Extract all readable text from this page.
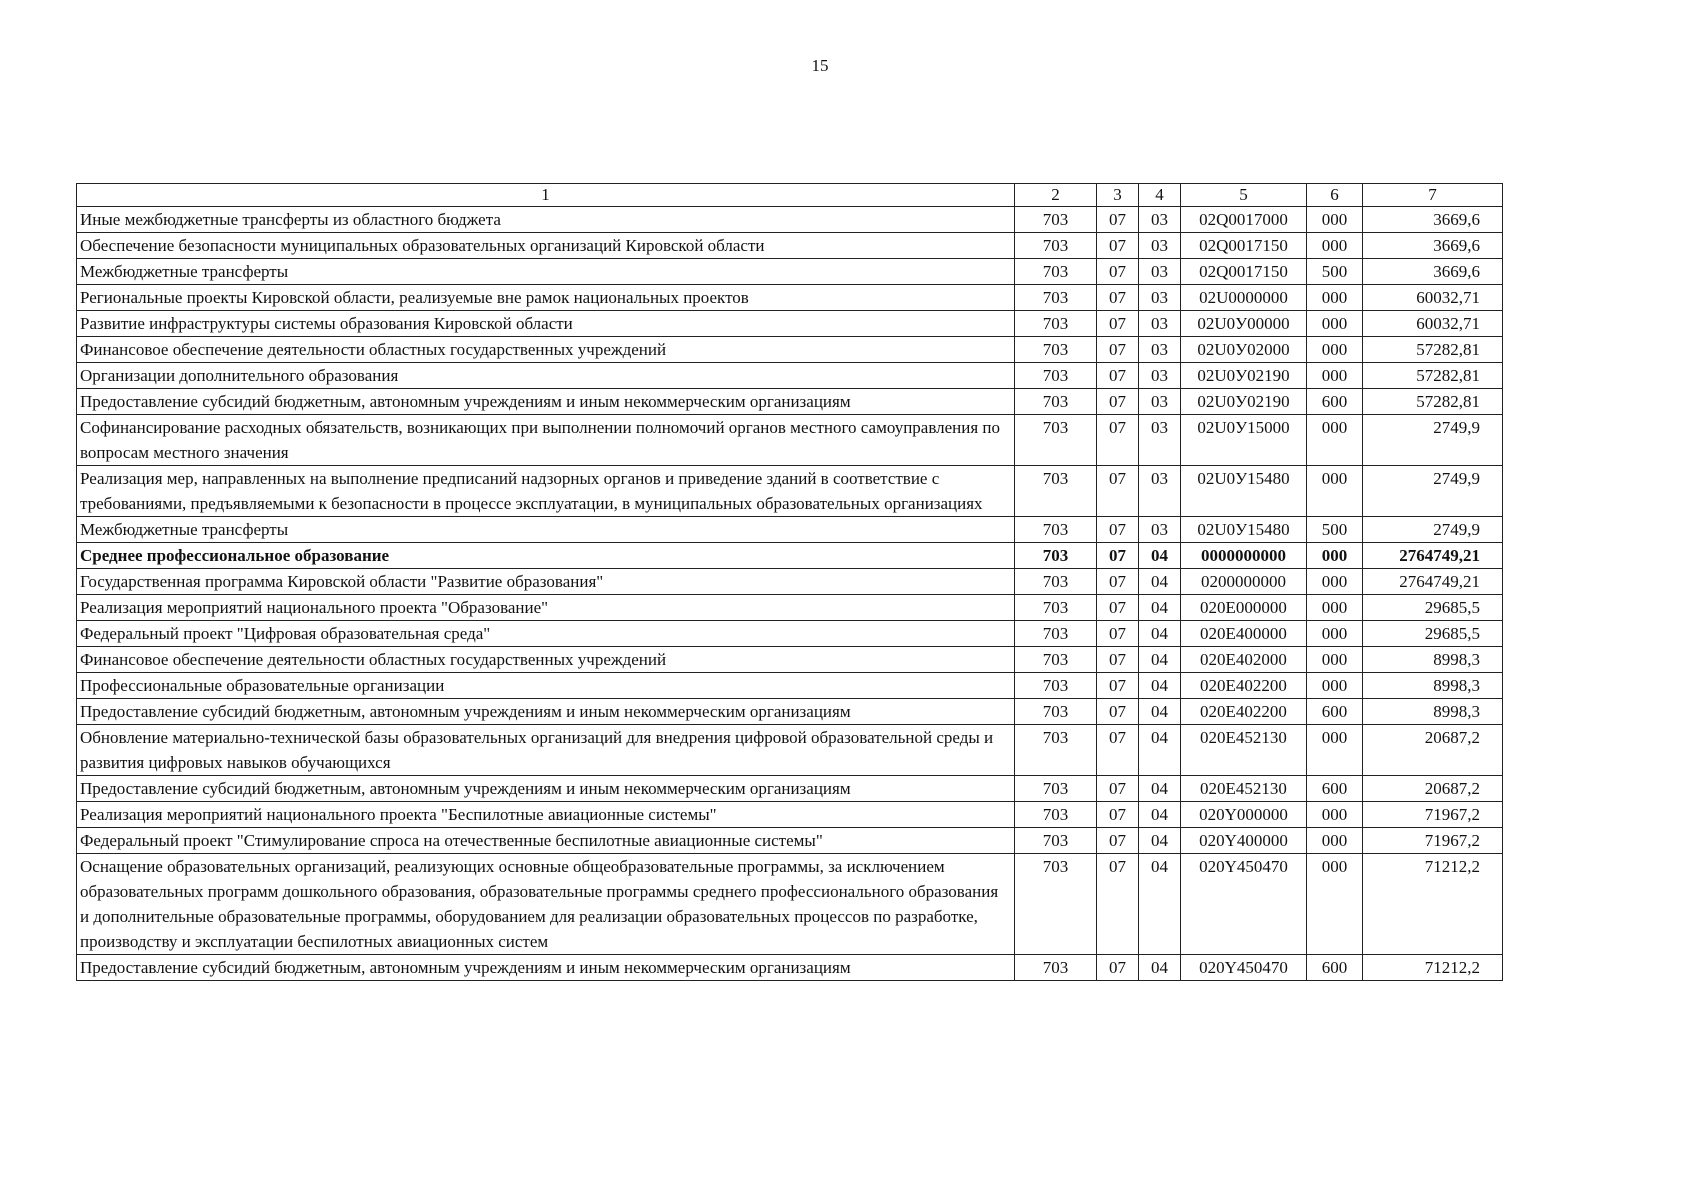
15
1	2	3	4	5	6	7
Иные межбюджетные трансферты из областного бюджета	703	07	03	02Q0017000	000	3669,6
Обеспечение безопасности муниципальных образовательных организаций Кировской области	703	07	03	02Q0017150	000	3669,6
Межбюджетные трансферты	703	07	03	02Q0017150	500	3669,6
Региональные проекты Кировской области, реализуемые вне рамок национальных проектов	703	07	03	02U0000000	000	60032,71
Развитие инфраструктуры системы образования Кировской области	703	07	03	02U0У00000	000	60032,71
Финансовое обеспечение деятельности областных государственных учреждений	703	07	03	02U0У02000	000	57282,81
Организации дополнительного образования	703	07	03	02U0У02190	000	57282,81
Предоставление субсидий бюджетным, автономным учреждениям и иным некоммерческим организациям	703	07	03	02U0У02190	600	57282,81
Софинансирование расходных обязательств, возникающих при выполнении полномочий органов местного самоуправления по вопросам местного значения	703	07	03	02U0У15000	000	2749,9
Реализация мер, направленных на выполнение предписаний надзорных органов и приведение зданий в соответствие с требованиями, предъявляемыми к безопасности в процессе эксплуатации, в муниципальных образовательных организациях	703	07	03	02U0У15480	000	2749,9
Межбюджетные трансферты	703	07	03	02U0У15480	500	2749,9
Среднее профессиональное образование	703	07	04	0000000000	000	2764749,21
Государственная программа Кировской области "Развитие образования"	703	07	04	0200000000	000	2764749,21
Реализация мероприятий национального проекта "Образование"	703	07	04	020E000000	000	29685,5
Федеральный проект "Цифровая образовательная среда"	703	07	04	020E400000	000	29685,5
Финансовое обеспечение деятельности областных государственных учреждений	703	07	04	020E402000	000	8998,3
Профессиональные образовательные организации	703	07	04	020E402200	000	8998,3
Предоставление субсидий бюджетным, автономным учреждениям и иным некоммерческим организациям	703	07	04	020E402200	600	8998,3
Обновление материально-технической базы образовательных организаций для внедрения цифровой образовательной среды и развития цифровых навыков обучающихся	703	07	04	020E452130	000	20687,2
Предоставление субсидий бюджетным, автономным учреждениям и иным некоммерческим организациям	703	07	04	020E452130	600	20687,2
Реализация мероприятий национального проекта "Беспилотные авиационные системы"	703	07	04	020Y000000	000	71967,2
Федеральный проект "Стимулирование спроса на отечественные беспилотные авиационные системы"	703	07	04	020Y400000	000	71967,2
Оснащение образовательных организаций, реализующих основные общеобразовательные программы, за исключением образовательных программ дошкольного образования, образовательные программы среднего профессионального образования и дополнительные образовательные программы, оборудованием для реализации образовательных процессов по разработке, производству и эксплуатации беспилотных авиационных систем	703	07	04	020Y450470	000	71212,2
Предоставление субсидий бюджетным, автономным учреждениям и иным некоммерческим организациям	703	07	04	020Y450470	600	71212,2
